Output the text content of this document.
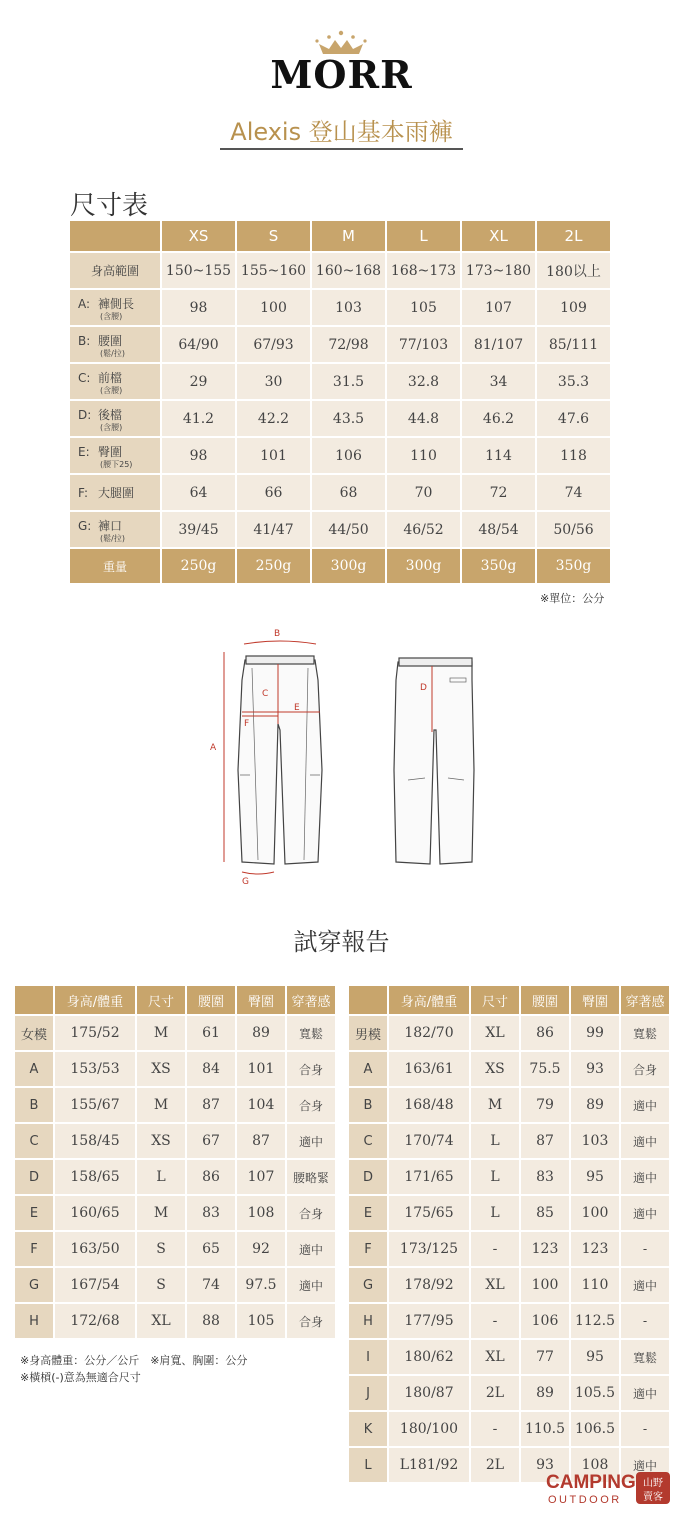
MORR
Alexis 登山基本雨褲
尺寸表
	XS	S	M	L	XL	2L
身高範圍	150~155	155~160	160~168	168~173	173~180	180以上
A: 褲側長
(含腰)	98	100	103	105	107	109
B: 腰圍
(鬆/拉)	64/90	67/93	72/98	77/103	81/107	85/111
C: 前檔
(含腰)	29	30	31.5	32.8	34	35.3
D: 後檔
(含腰)	41.2	42.2	43.5	44.8	46.2	47.6
E: 臀圍
(腰下25)	98	101	106	110	114	118
F: 大腿圍	64	66	68	70	72	74
G: 褲口
(鬆/拉)	39/45	41/47	44/50	46/52	48/54	50/56
重量	250g	250g	300g	300g	350g	350g
※單位：公分
B
A
C
D
E
F
G
試穿報告
	身高/體重	尺寸	腰圍	臀圍	穿著感
女模	175/52	M	61	89	寬鬆
A	153/53	XS	84	101	合身
B	155/67	M	87	104	合身
C	158/45	XS	67	87	適中
D	158/65	L	86	107	腰略緊
E	160/65	M	83	108	合身
F	163/50	S	65	92	適中
G	167/54	S	74	97.5	適中
H	172/68	XL	88	105	合身
※身高體重：公分／公斤　※肩寬、胸圍：公分
※橫槓(-)意為無適合尺寸
	身高/體重	尺寸	腰圍	臀圍	穿著感
男模	182/70	XL	86	99	寬鬆
A	163/61	XS	75.5	93	合身
B	168/48	M	79	89	適中
C	170/74	L	87	103	適中
D	171/65	L	83	95	適中
E	175/65	L	85	100	適中
F	173/125	-	123	123	-
G	178/92	XL	100	110	適中
H	177/95	-	106	112.5	-
I	180/62	XL	77	95	寬鬆
J	180/87	2L	89	105.5	適中
K	180/100	-	110.5	106.5	-
L	L181/92	2L	93	108	適中
CAMPING
OUTDOOR
山野
賣客
